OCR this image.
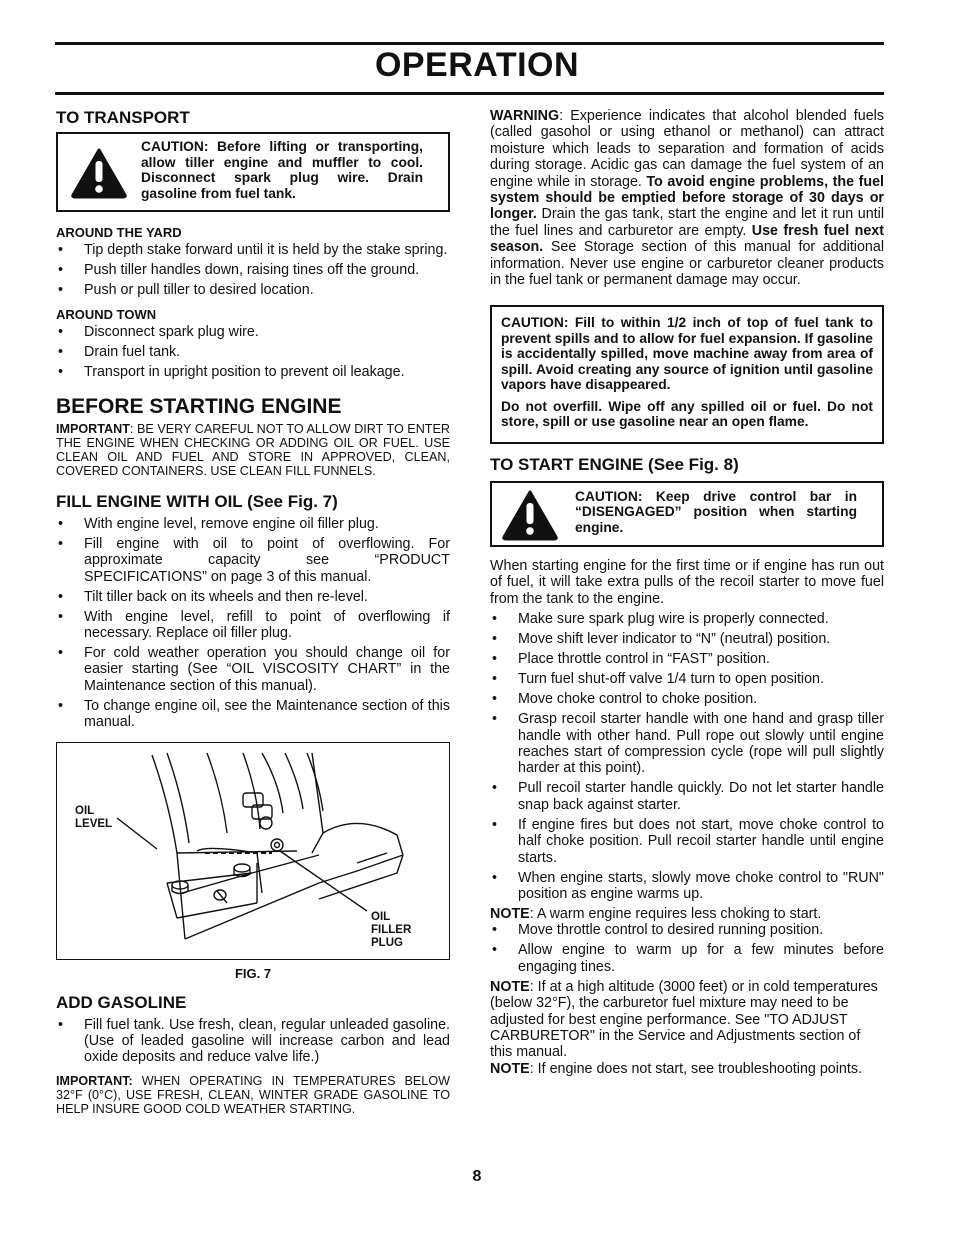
OPERATION
TO TRANSPORT
CAUTION: Before lifting or transporting, allow tiller engine and muffler to cool. Disconnect spark plug wire. Drain gasoline from fuel tank.
AROUND THE YARD
• Tip depth stake forward until it is held by the stake spring.
• Push tiller handles down, raising tines off the ground.
• Push or pull tiller to desired location.
AROUND TOWN
• Disconnect spark plug wire.
• Drain fuel tank.
• Transport in upright position to prevent oil leakage.
BEFORE STARTING ENGINE

IMPORTANT: BE VERY CAREFUL NOT TO ALLOW DIRT TO ENTER THE ENGINE WHEN CHECKING OR ADDING OIL OR FUEL. USE CLEAN OIL AND FUEL AND STORE IN APPROVED, CLEAN, COVERED CONTAINERS. USE CLEAN FILL FUNNELS.

FILL ENGINE WITH OIL (See Fig. 7)
• With engine level, remove engine oil filler plug.
• Fill engine with oil to point of overflowing. For approximate capacity see “PRODUCT SPECIFICATIONS” on page 3 of this manual.
• Tilt tiller back on its wheels and then re-level.
• With engine level, refill to point of overflowing if necessary. Replace oil filler plug.
• For cold weather operation you should change oil for easier starting (See “OIL VISCOSITY CHART” in the Maintenance section of this manual).
• To change engine oil, see the Maintenance section of this manual.
OIL
LEVEL
OIL
FILLER
PLUG
FIG. 7
ADD GASOLINE
• Fill fuel tank. Use fresh, clean, regular unleaded gasoline. (Use of leaded gasoline will increase carbon and lead oxide deposits and reduce valve life.)

IMPORTANT: WHEN OPERATING IN TEMPERATURES BELOW 32°F (0°C), USE FRESH, CLEAN, WINTER GRADE GASOLINE TO HELP INSURE GOOD COLD WEATHER STARTING.

WARNING: Experience indicates that alcohol blended fuels (called gasohol or using ethanol or methanol) can attract moisture which leads to separation and formation of acids during storage. Acidic gas can damage the fuel system of an engine while in storage. To avoid engine problems, the fuel system should be emptied before storage of 30 days or longer. Drain the gas tank, start the engine and let it run until the fuel lines and carburetor are empty. Use fresh fuel next season. See Storage section of this manual for additional information. Never use engine or carburetor cleaner products in the fuel tank or permanent damage may occur.

CAUTION: Fill to within 1/2 inch of top of fuel tank to prevent spills and to allow for fuel expansion. If gasoline is accidentally spilled, move machine away from area of spill. Avoid creating any source of ignition until gasoline vapors have disappeared.
Do not overfill. Wipe off any spilled oil or fuel. Do not store, spill or use gasoline near an open flame.
TO START ENGINE (See Fig. 8)
CAUTION: Keep drive control bar in “DISENGAGED” position when starting engine.

When starting engine for the first time or if engine has run out of fuel, it will take extra pulls of the recoil starter to move fuel from the tank to the engine.

• Make sure spark plug wire is properly connected.
• Move shift lever indicator to “N” (neutral) position.
• Place throttle control in “FAST” position.
• Turn fuel shut-off valve 1/4 turn to open position.
• Move choke control to choke position.
• Grasp recoil starter handle with one hand and grasp tiller handle with other hand. Pull rope out slowly until engine reaches start of compression cycle (rope will pull slightly harder at this point).
• Pull recoil starter handle quickly. Do not let starter handle snap back against starter.
• If engine fires but does not start, move choke control to half choke position. Pull recoil starter handle until engine starts.
• When engine starts, slowly move choke control to "RUN" position as engine warms up.

NOTE: A warm engine requires less choking to start.

• Move throttle control to desired running position.
• Allow engine to warm up for a few minutes before engaging tines.

NOTE: If at a high altitude (3000 feet) or in cold temperatures (below 32°F), the carburetor fuel mixture may need to be adjusted for best engine performance. See "TO ADJUST CARBURETOR" in the Service and Adjustments section of this manual.

NOTE: If engine does not start, see troubleshooting points.

8
